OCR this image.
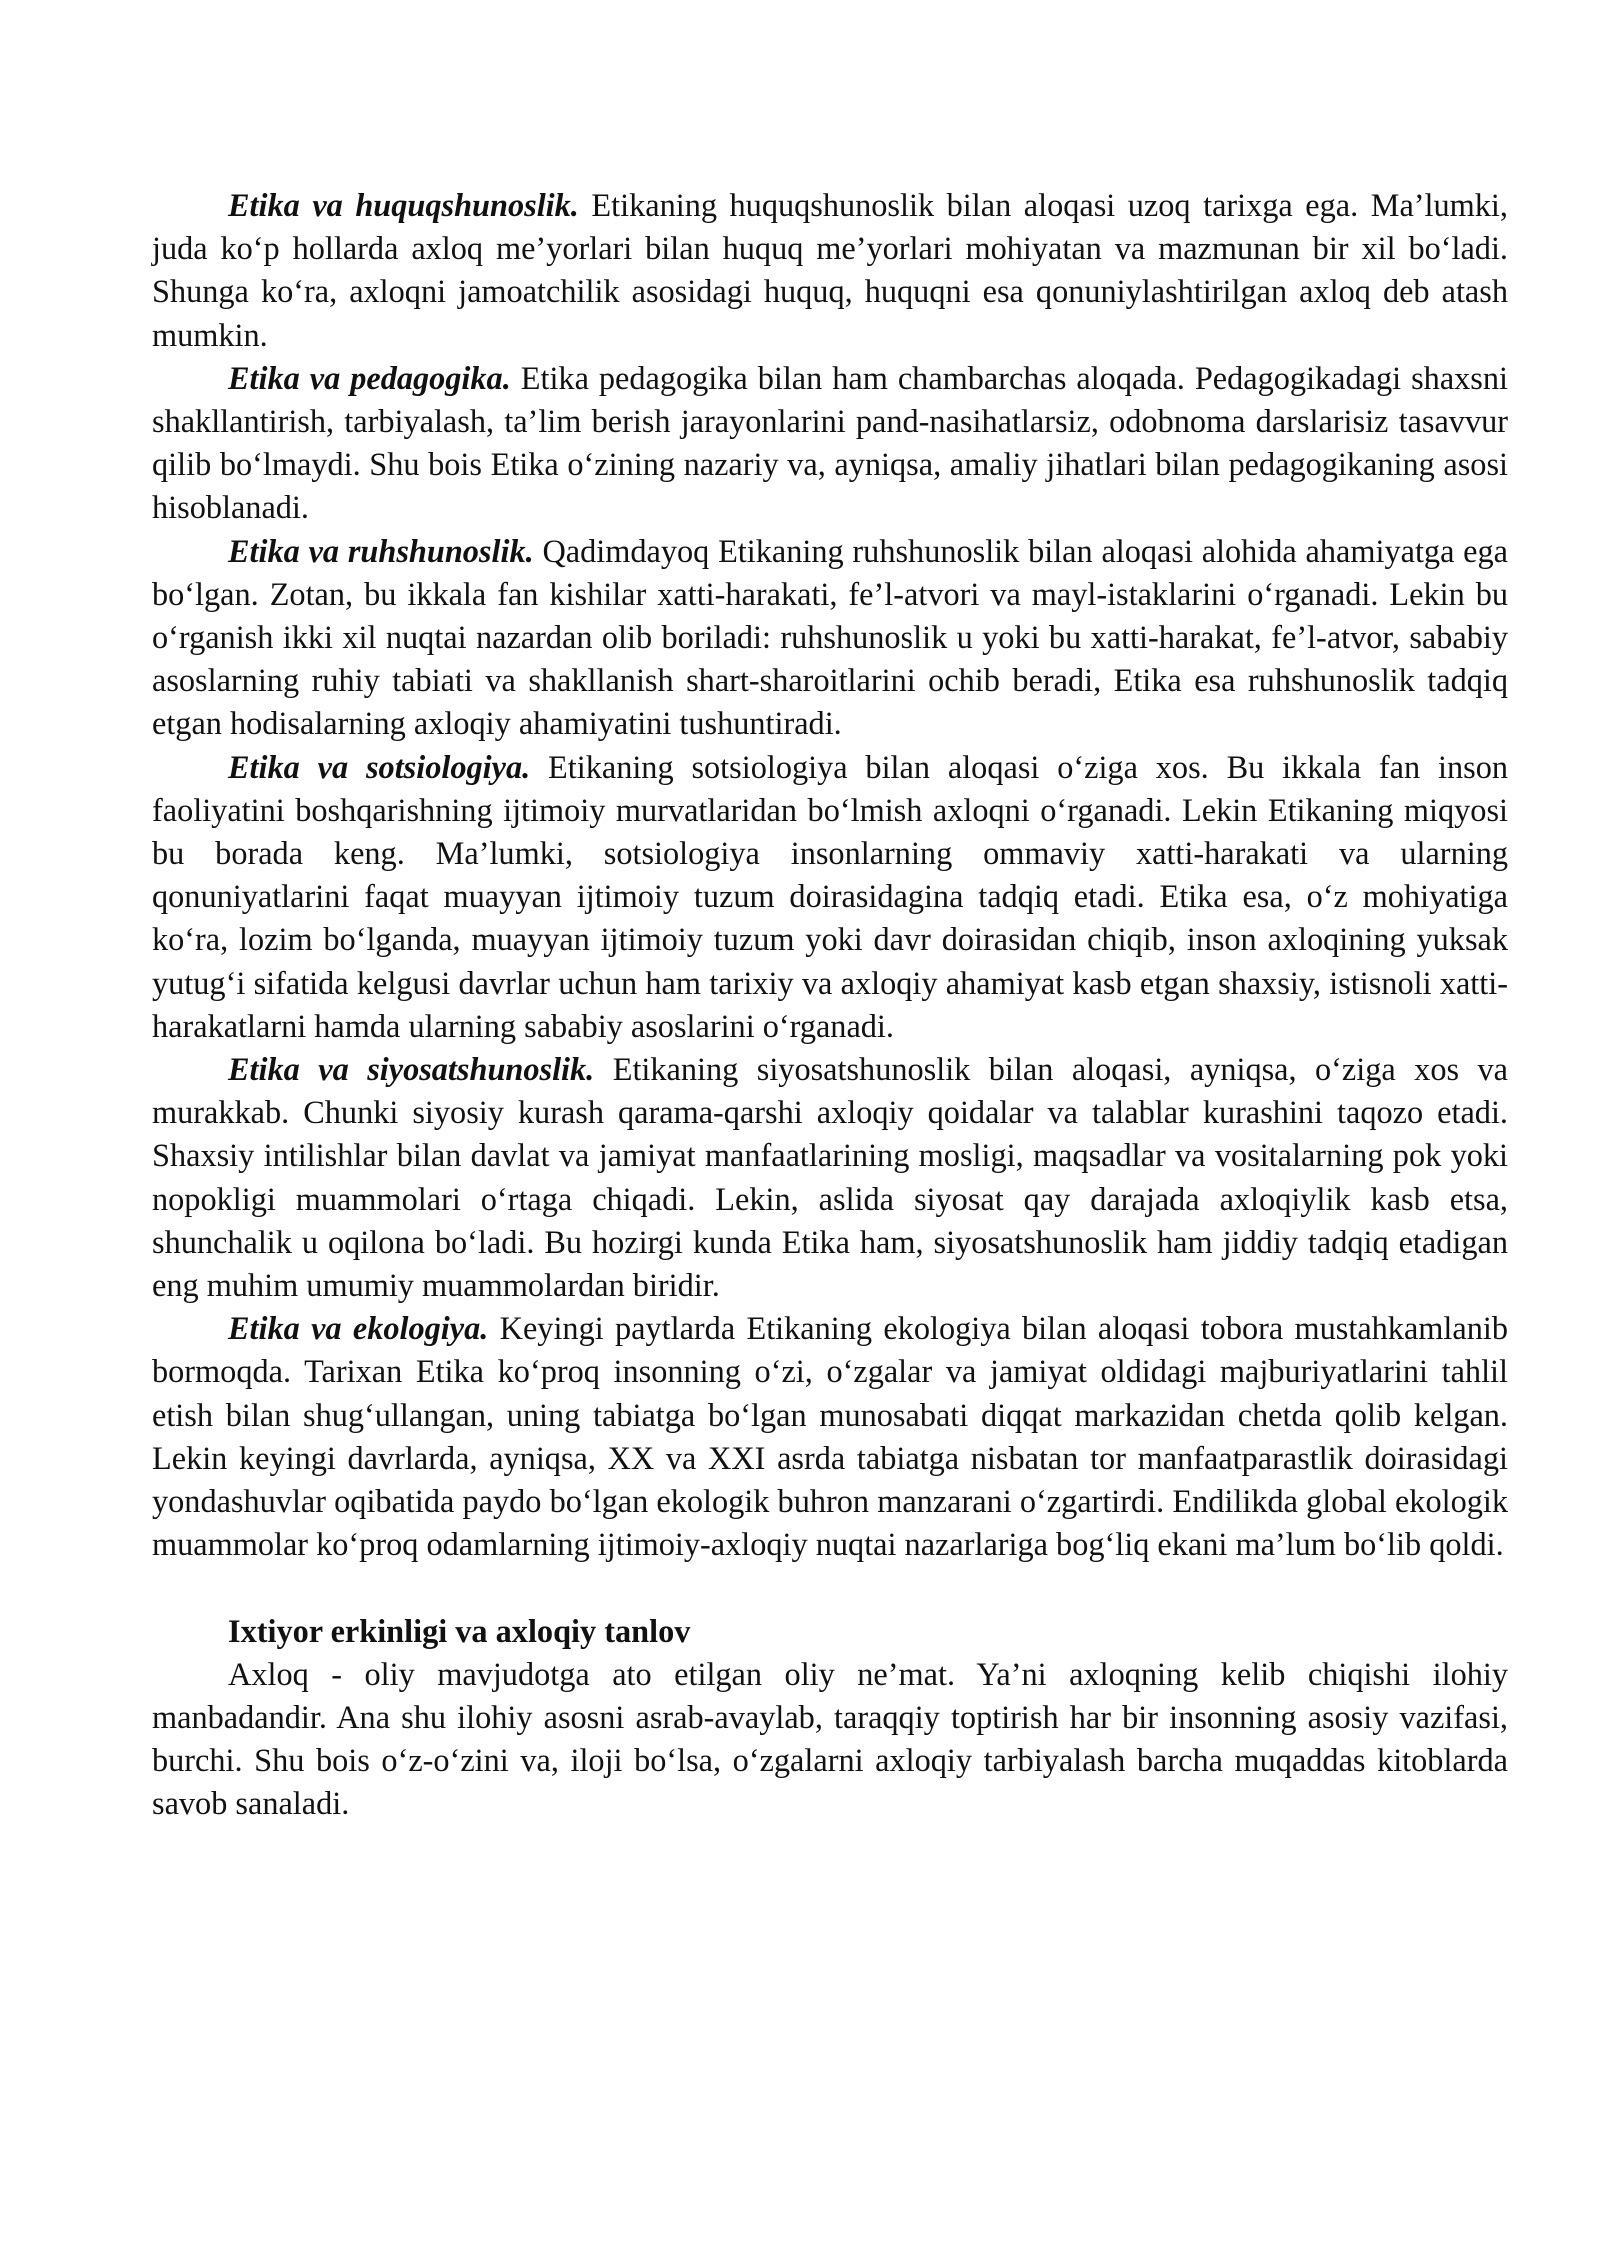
Etika va huquqshunoslik. Etikaning huquqshunoslik bilan aloqasi uzoq tarixga ega. Ma’lumki, juda ko‘p hollarda axloq me’yorlari bilan huquq me’yorlari mohiyatan va mazmunan bir xil bo‘ladi. Shunga ko‘ra, axloqni jamoatchilik asosidagi huquq, huquqni esa qonuniylashtirilgan axloq deb atash mumkin.

Etika va pedagogika. Etika pedagogika bilan ham chambarchas aloqada. Pedagogikadagi shaxsni shakllantirish, tarbiyalash, ta’lim berish jarayonlarini pand-nasihatlarsiz, odobnoma darslarisiz tasavvur qilib bo‘lmaydi. Shu bois Etika o‘zining nazariy va, ayniqsa, amaliy jihatlari bilan pedagogikaning asosi hisoblanadi.

Etika va ruhshunoslik. Qadimdayoq Etikaning ruhshunoslik bilan aloqasi alohida ahamiyatga ega bo‘lgan. Zotan, bu ikkala fan kishilar xatti-harakati, fe’l-atvori va mayl-istaklarini o‘rganadi. Lekin bu o‘rganish ikki xil nuqtai nazardan olib boriladi: ruhshunoslik u yoki bu xatti-harakat, fe’l-atvor, sababiy asoslarning ruhiy tabiati va shakllanish shart-sharoitlarini ochib beradi, Etika esa ruhshunoslik tadqiq etgan hodisalarning axloqiy ahamiyatini tushuntiradi.

Etika va sotsiologiya. Etikaning sotsiologiya bilan aloqasi o‘ziga xos. Bu ikkala fan inson faoliyatini boshqarishning ijtimoiy murvatlaridan bo‘lmish axloqni o‘rganadi. Lekin Etikaning miqyosi bu borada keng. Ma’lumki, sotsiologiya insonlarning ommaviy xatti-harakati va ularning qonuniyatlarini faqat muayyan ijtimoiy tuzum doirasidagina tadqiq etadi. Etika esa, o‘z mohiyatiga ko‘ra, lozim bo‘lganda, muayyan ijtimoiy tuzum yoki davr doirasidan chiqib, inson axloqining yuksak yutug‘i sifatida kelgusi davrlar uchun ham tarixiy va axloqiy ahamiyat kasb etgan shaxsiy, istisnoli xatti-harakatlarni hamda ularning sababiy asoslarini o‘rganadi.

Etika va siyosatshunoslik. Etikaning siyosatshunoslik bilan aloqasi, ayniqsa, o‘ziga xos va murakkab. Chunki siyosiy kurash qarama-qarshi axloqiy qoidalar va talablar kurashini taqozo etadi. Shaxsiy intilishlar bilan davlat va jamiyat manfaatlarining mosligi, maqsadlar va vositalarning pok yoki nopokligi muammolari o‘rtaga chiqadi. Lekin, aslida siyosat qay darajada axloqiylik kasb etsa, shunchalik u oqilona bo‘ladi. Bu hozirgi kunda Etika ham, siyosatshunoslik ham jiddiy tadqiq etadigan eng muhim umumiy muammolardan biridir.

Etika va ekologiya. Keyingi paytlarda Etikaning ekologiya bilan aloqasi tobora mustahkamlanib bormoqda. Tarixan Etika ko‘proq insonning o‘zi, o‘zgalar va jamiyat oldidagi majburiyatlarini tahlil etish bilan shug‘ullangan, uning tabiatga bo‘lgan munosabati diqqat markazidan chetda qolib kelgan. Lekin keyingi davrlarda, ayniqsa, XX va XXI asrda tabiatga nisbatan tor manfaatparastlik doirasidagi yondashuvlar oqibatida paydo bo‘lgan ekologik buhron manzarani o‘zgartirdi. Endilikda global ekologik muammolar ko‘proq odamlarning ijtimoiy-axloqiy nuqtai nazarlariga bog‘liq ekani ma’lum bo‘lib qoldi.

Ixtiyor erkinligi va axloqiy tanlov

Axloq - oliy mavjudotga ato etilgan oliy ne’mat. Ya’ni axloqning kelib chiqishi ilohiy manbadandir. Ana shu ilohiy asosni asrab-avaylab, taraqqiy toptirish har bir insonning asosiy vazifasi, burchi. Shu bois o‘z-o‘zini va, iloji bo‘lsa, o‘zgalarni axloqiy tarbiyalash barcha muqaddas kitoblarda savob sanaladi.
